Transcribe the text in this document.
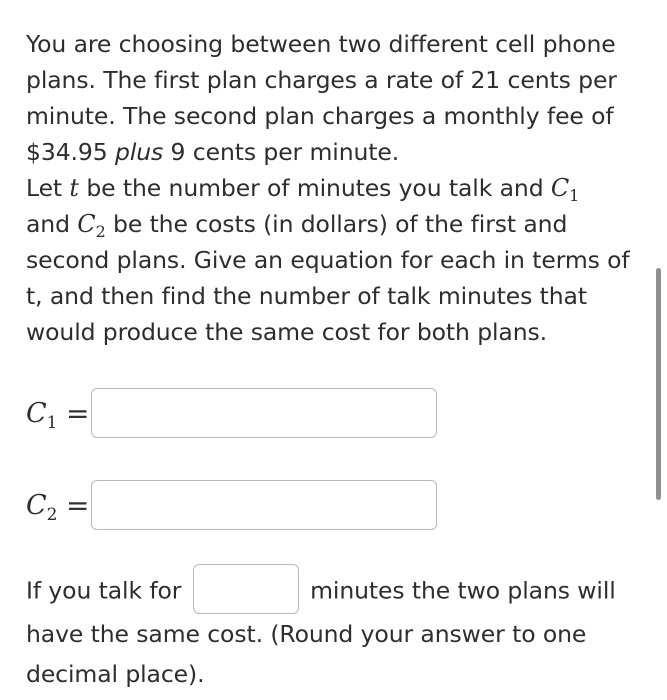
You are choosing between two different cell phone plans. The first plan charges a rate of 21 cents per minute. The second plan charges a monthly fee of $34.95 plus 9 cents per minute.

Let t be the number of minutes you talk and $C_1$
and $C_2$ be the costs (in dollars) of the first and second plans. Give an equation for each in terms of t, and then find the number of talk minutes that would produce the same cost for both plans.

$C_1$ =
$C_2$ =
If you talk for	minutes the two plans will have the same cost. (Round your answer to one decimal place).
